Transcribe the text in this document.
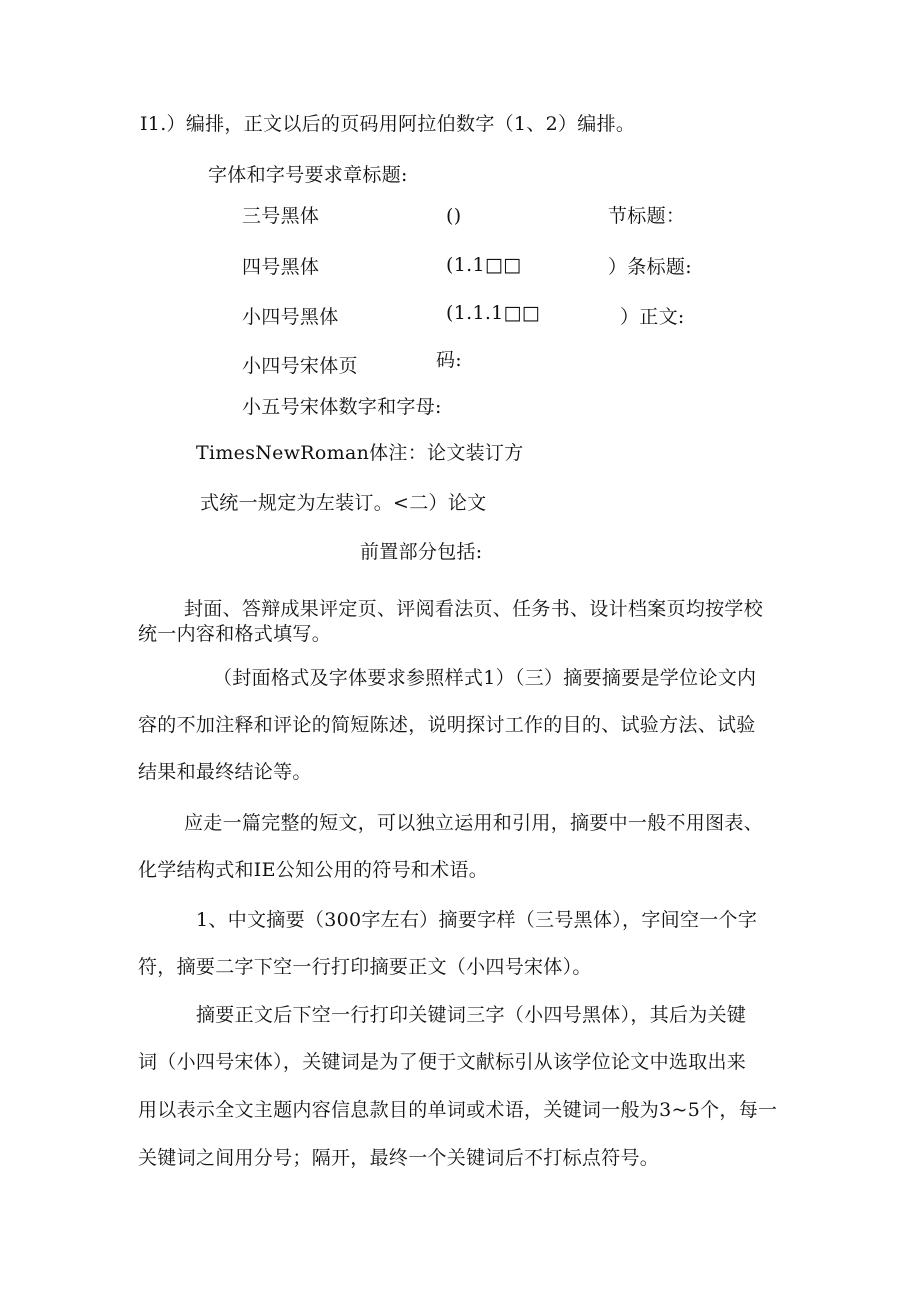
I1.）编排，正文以后的页码用阿拉伯数字（1、2）编排。
字体和字号要求章标题:
三号黑体	()	节标题：
四号黑体	(1.1□□	）条标题:
小四号黑体	(1.1.1□□	）正文:
小四号宋体页	码:
小五号宋体数字和字母:
TimesNewRoman体注：论文装订方
式统一规定为左装订。<二）论文
前置部分包括:
封面、答辩成果评定页、评阅看法页、任务书、设计档案页均按学校
统一内容和格式填写。
（封面格式及字体要求参照样式1）（三）摘要摘要是学位论文内
容的不加注释和评论的简短陈述，说明探讨工作的目的、试验方法、试验
结果和最终结论等。
应走一篇完整的短文，可以独立运用和引用，摘要中一般不用图表、
化学结构式和IE公知公用的符号和术语。
1、中文摘要（300字左右）摘要字样（三号黑体），字间空一个字
符，摘要二字下空一行打印摘要正文（小四号宋体）。
摘要正文后下空一行打印关键词三字（小四号黑体），其后为关键
词（小四号宋体），关键词是为了便于文献标引从该学位论文中选取出来
用以表示全文主题内容信息款目的单词或术语，关键词一般为3~5个，每一
关键词之间用分号；隔开，最终一个关键词后不打标点符号。
